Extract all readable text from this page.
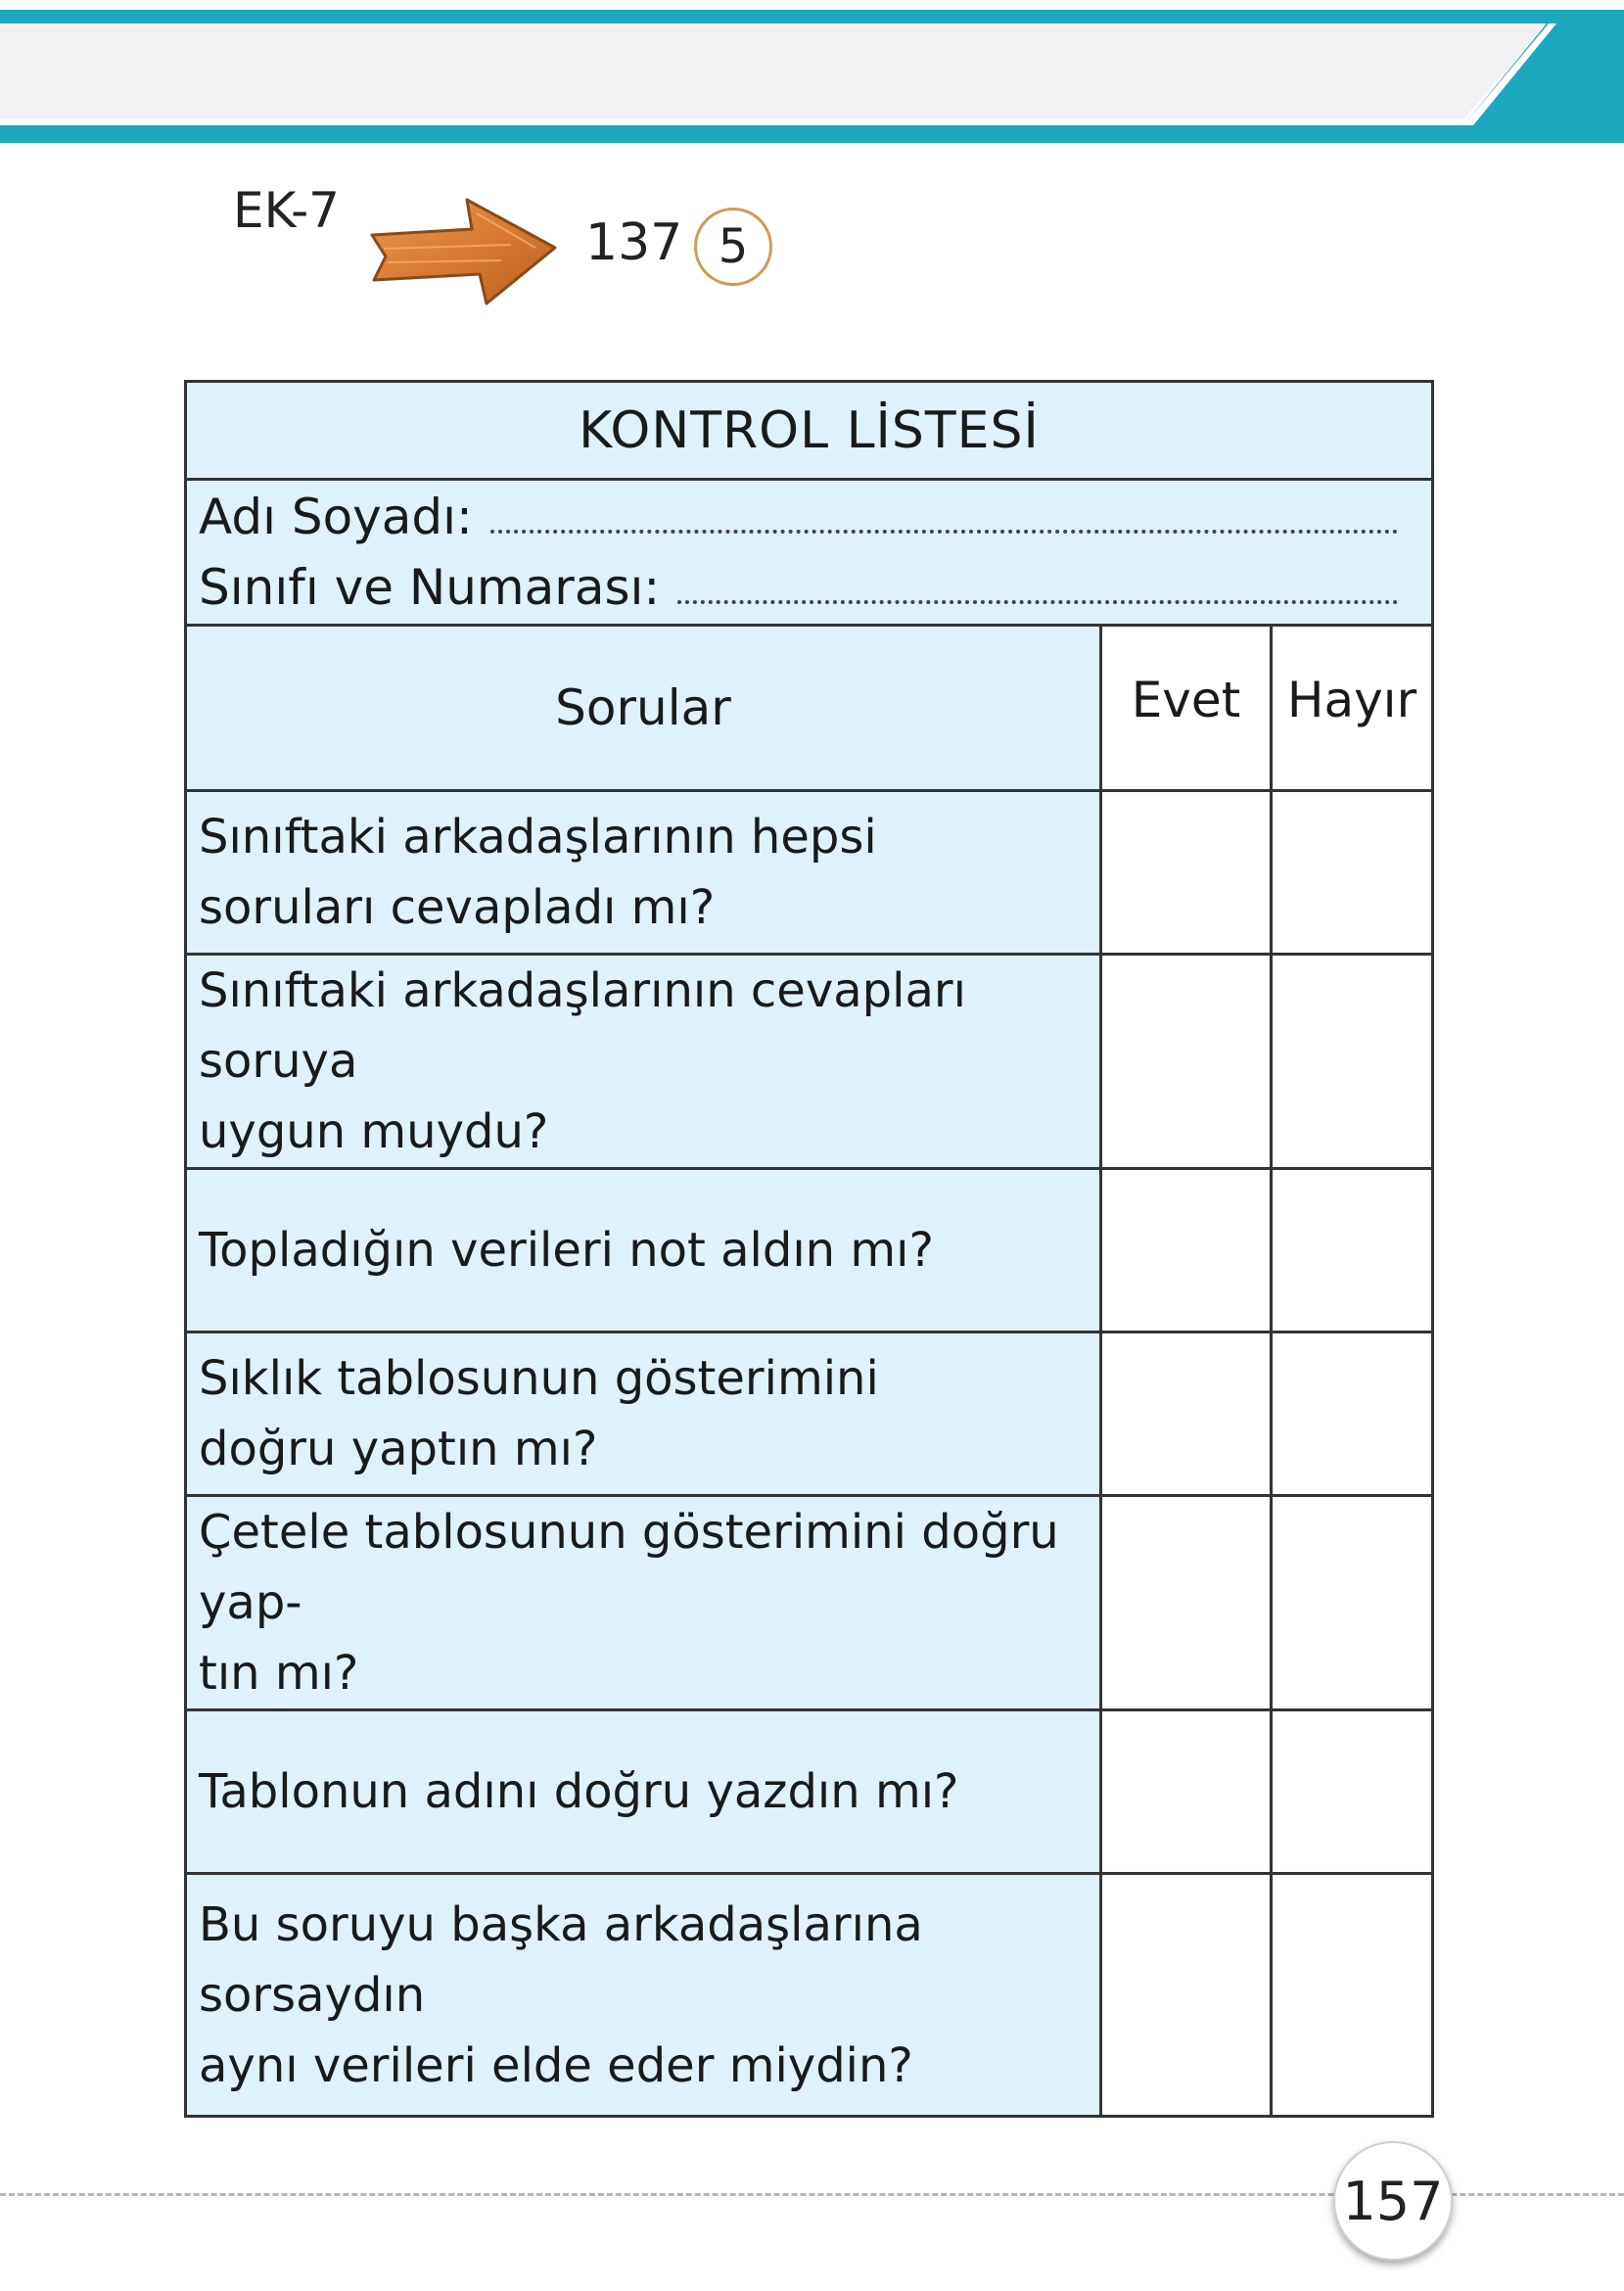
EK-7
137 5
KONTROL LİSTESİ		

Adı Soyadı:
Sınıfı ve Numarası:		

Sorular	Evet	Hayır
Sınıftaki arkadaşlarının hepsi
soruları cevapladı mı?		
Sınıftaki arkadaşlarının cevapları soruya
uygun muydu?		
Topladığın verileri not aldın mı?		
Sıklık tablosunun gösterimini
doğru yaptın mı?		
Çetele tablosunun gösterimini doğru yap-
tın mı?		
Tablonun adını doğru yazdın mı?		
Bu soruyu başka arkadaşlarına sorsaydın
aynı verileri elde eder miydin?		
157
